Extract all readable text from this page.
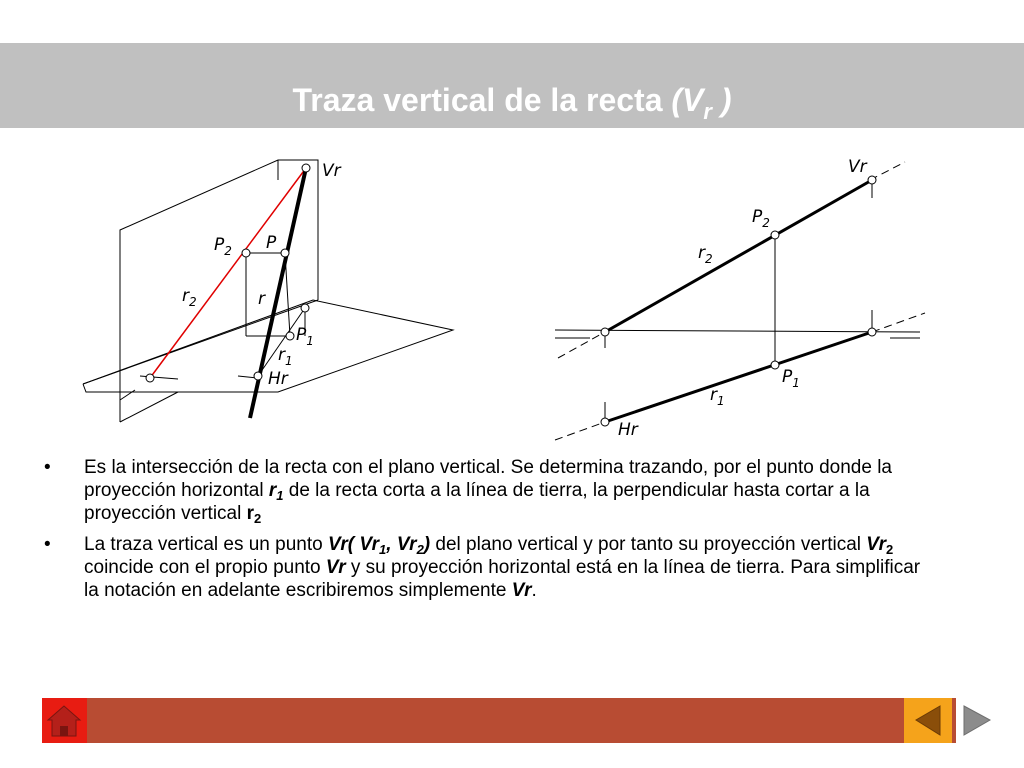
Traza vertical de la recta ($V_r$ )
Vr
$P_2$ P
$r_2$	r
$P_1$
$r_1$
Hr
Vr
$P_2$
$r_2$
$P_1$
$r_1$
Hr
• Es la intersección de la recta con el plano vertical. Se determina trazando, por el punto donde la proyección horizontal $r_1$ de la recta corta a la línea de tierra, la perpendicular hasta cortar a la proyección vertical $r_2$
• La traza vertical es un punto Vr( $Vr_1$, $Vr_2$) del plano vertical y por tanto su proyección vertical $Vr_2$ coincide con el propio punto Vr y su proyección horizontal está en la línea de tierra. Para simplificar la notación en adelante escribiremos simplemente Vr.
